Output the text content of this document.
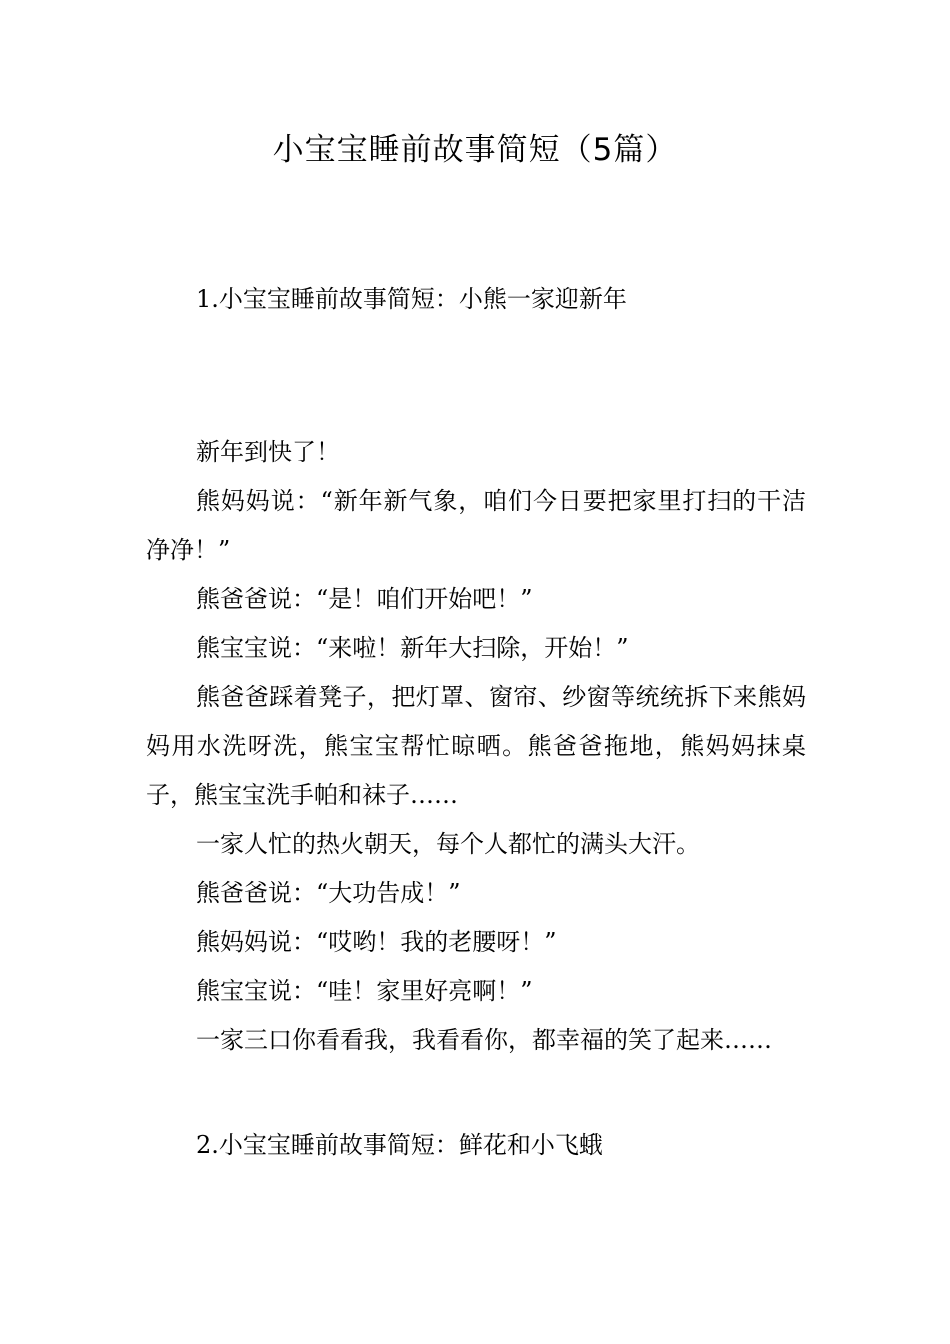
小宝宝睡前故事简短（5篇）
1.小宝宝睡前故事简短：小熊一家迎新年

新年到快了！

熊妈妈说：“新年新气象，咱们今日要把家里打扫的干洁净净！”

熊爸爸说：“是！咱们开始吧！”

熊宝宝说：“来啦！新年大扫除，开始！”

熊爸爸踩着凳子，把灯罩、窗帘、纱窗等统统拆下来熊妈妈用水洗呀洗，熊宝宝帮忙晾晒。熊爸爸拖地，熊妈妈抹桌子，熊宝宝洗手帕和袜子……

一家人忙的热火朝天，每个人都忙的满头大汗。

熊爸爸说：“大功告成！”

熊妈妈说：“哎哟！我的老腰呀！”

熊宝宝说：“哇！家里好亮啊！”

一家三口你看看我，我看看你，都幸福的笑了起来……

2.小宝宝睡前故事简短：鲜花和小飞蛾
